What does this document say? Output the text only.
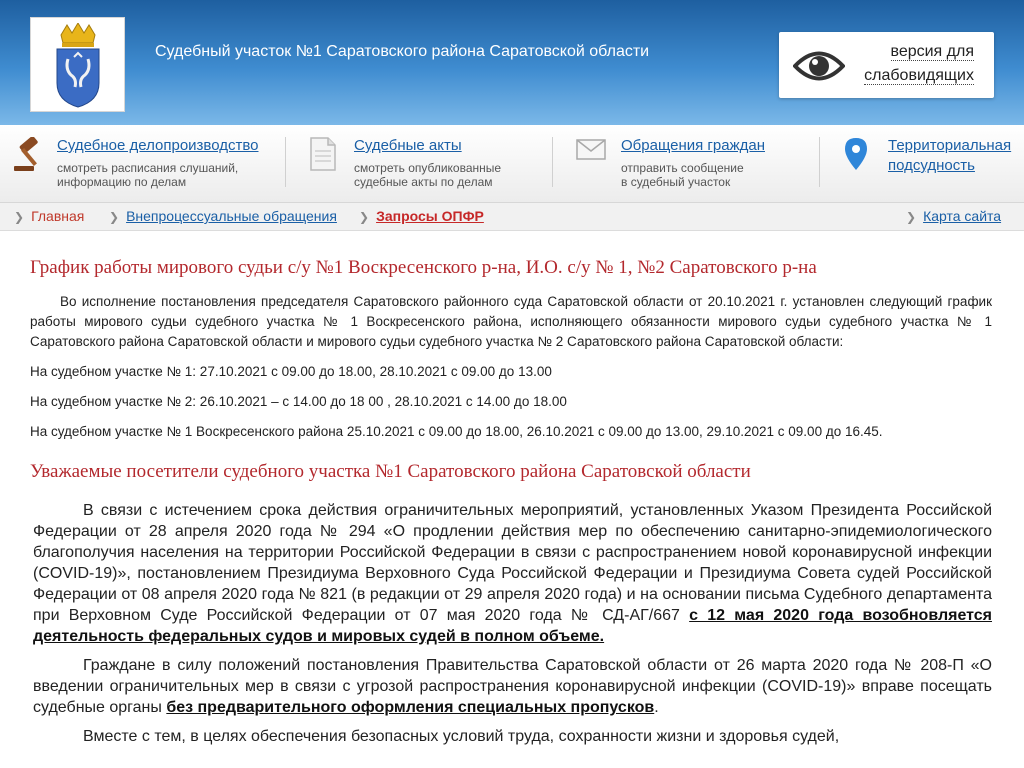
Судебный участок №1 Саратовского района Саратовской области	версия для слабовидящих
Судебное делопроизводство
смотреть расписания слушаний,
информацию по делам
Судебные акты
смотреть опубликованные
судебные акты по делам
Обращения граждан
отправить сообщение
в судебный участок
Территориальная
подсудность
❯ Главная ❯ Внепроцессуальные обращения ❯ Запросы ОПФР	❯ Карта сайта
График работы мирового судьи с/у №1 Воскресенского р-на, И.О. с/у № 1, №2 Саратовского р-на

Во исполнение постановления председателя Саратовского районного суда Саратовской области от 20.10.2021 г. установлен следующий график работы мирового судьи судебного участка № 1 Воскресенского района, исполняющего обязанности мирового судьи судебного участка № 1 Саратовского района Саратовской области и мирового судьи судебного участка № 2 Саратовского района Саратовской области:

На судебном участке № 1: 27.10.2021 с 09.00 до 18.00, 28.10.2021 с 09.00 до 13.00

На судебном участке № 2: 26.10.2021 – с 14.00 до 18 00 , 28.10.2021 с 14.00 до 18.00

На судебном участке № 1 Воскресенского района 25.10.2021 с 09.00 до 18.00, 26.10.2021 с 09.00 до 13.00, 29.10.2021 с 09.00 до 16.45.

Уважаемые посетители судебного участка №1 Саратовского района Саратовской области

В связи с истечением срока действия ограничительных мероприятий, установленных Указом Президента Российской Федерации от 28 апреля 2020 года № 294 «О продлении действия мер по обеспечению санитарно-эпидемиологического благополучия населения на территории Российской Федерации в связи с распространением новой коронавирусной инфекции (COVID-19)», постановлением Президиума Верховного Суда Российской Федерации и Президиума Совета судей Российской Федерации от 08 апреля 2020 года № 821 (в редакции от 29 апреля 2020 года) и на основании письма Судебного департамента при Верховном Суде Российской Федерации от 07 мая 2020 года № СД-АГ/667 с 12 мая 2020 года возобновляется деятельность федеральных судов и мировых судей в полном объеме.

Граждане в силу положений постановления Правительства Саратовской области от 26 марта 2020 года № 208-П «О введении ограничительных мер в связи с угрозой распространения коронавирусной инфекции (COVID-19)» вправе посещать судебные органы без предварительного оформления специальных пропусков.

Вместе с тем, в целях обеспечения безопасных условий труда, сохранности жизни и здоровья судей,
